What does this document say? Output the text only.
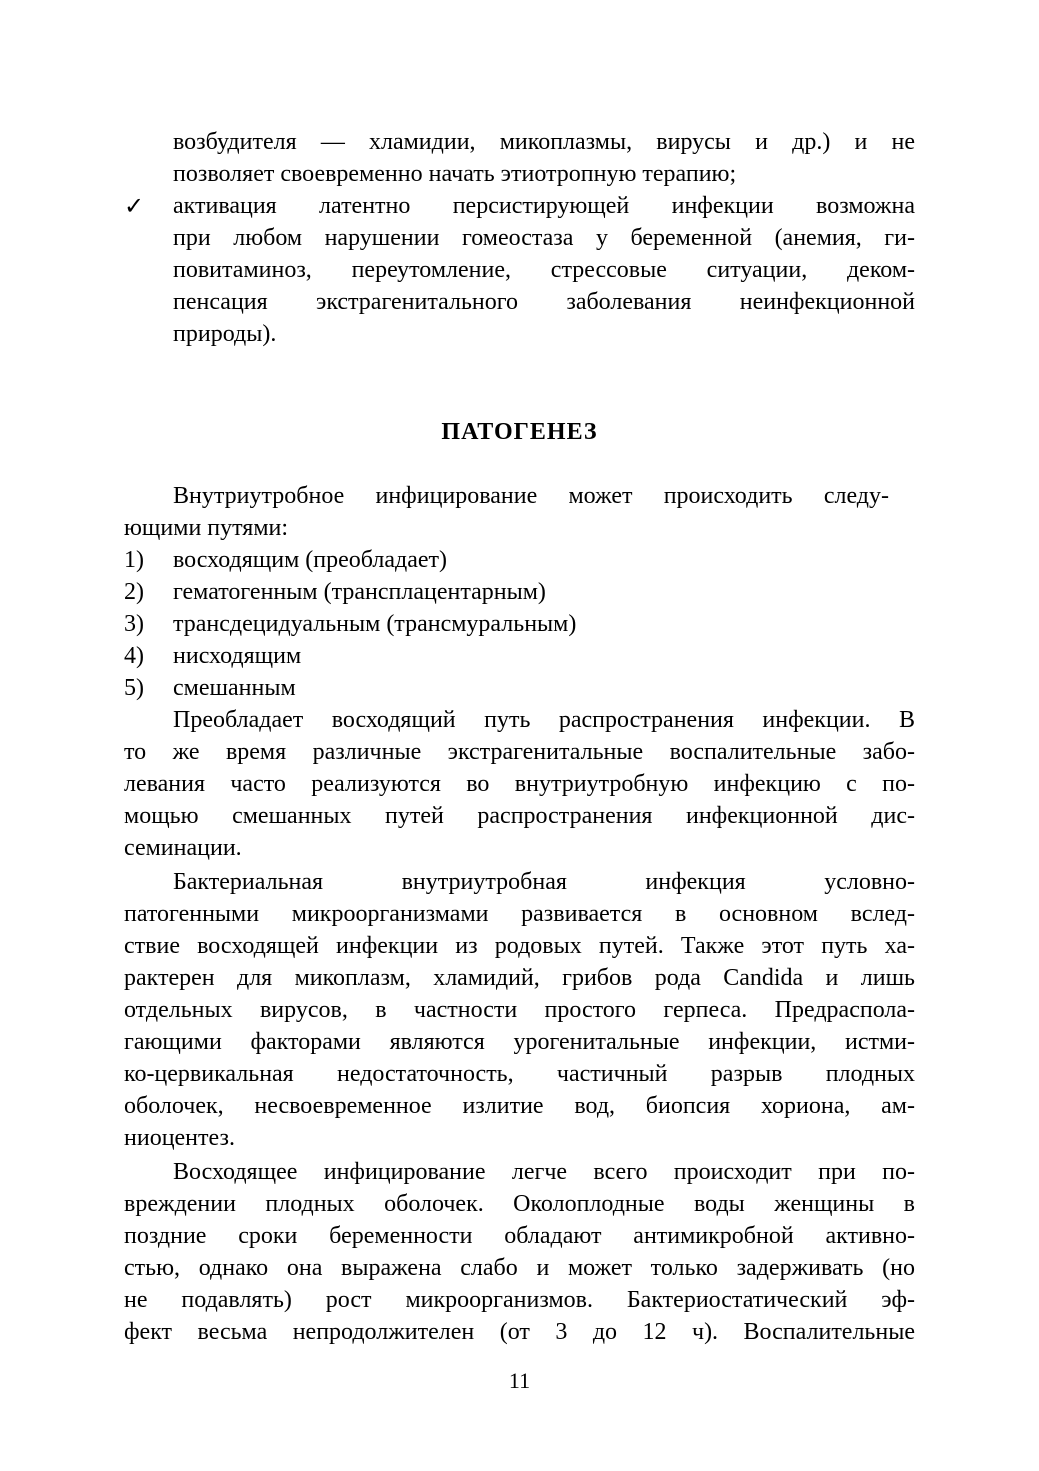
возбудителя — хламидии, микоплазмы, вирусы и др.) и не
позволяет своевременно начать этиотропную терапию;
✓	активация латентно персистирующей инфекции возможна
при любом нарушении гомеостаза у беременной (анемия, ги-
повитаминоз, переутомление, стрессовые ситуации, деком-
пенсация экстрагенитального заболевания неинфекционной
природы).
ПАТОГЕНЕЗ
Внутриутробное инфицирование может происходить следу-
ющими путями:
1)	восходящим (преобладает)
2)	гематогенным (трансплацентарным)
3)	трансдецидуальным (трансмуральным)
4)	нисходящим
5)	смешанным
Преобладает восходящий путь распространения инфекции. В
то же время различные экстрагенитальные воспалительные забо-
левания часто реализуются во внутриутробную инфекцию с по-
мощью смешанных путей распространения инфекционной дис-
семинации.
Бактериальная внутриутробная инфекция условно-
патогенными микроорганизмами развивается в основном вслед-
ствие восходящей инфекции из родовых путей. Также этот путь ха-
рактерен для микоплазм, хламидий, грибов рода Candida и лишь
отдельных вирусов, в частности простого герпеса. Предраспола-
гающими факторами являются урогенитальные инфекции, истми-
ко-цервикальная недостаточность, частичный разрыв плодных
оболочек, несвоевременное излитие вод, биопсия хориона, ам-
ниоцентез.
Восходящее инфицирование легче всего происходит при по-
вреждении плодных оболочек. Околоплодные воды женщины в
поздние сроки беременности обладают антимикробной активно-
стью, однако она выражена слабо и может только задерживать (но
не подавлять) рост микроорганизмов. Бактериостатический эф-
фект весьма непродолжителен (от 3 до 12 ч). Воспалительные
11
